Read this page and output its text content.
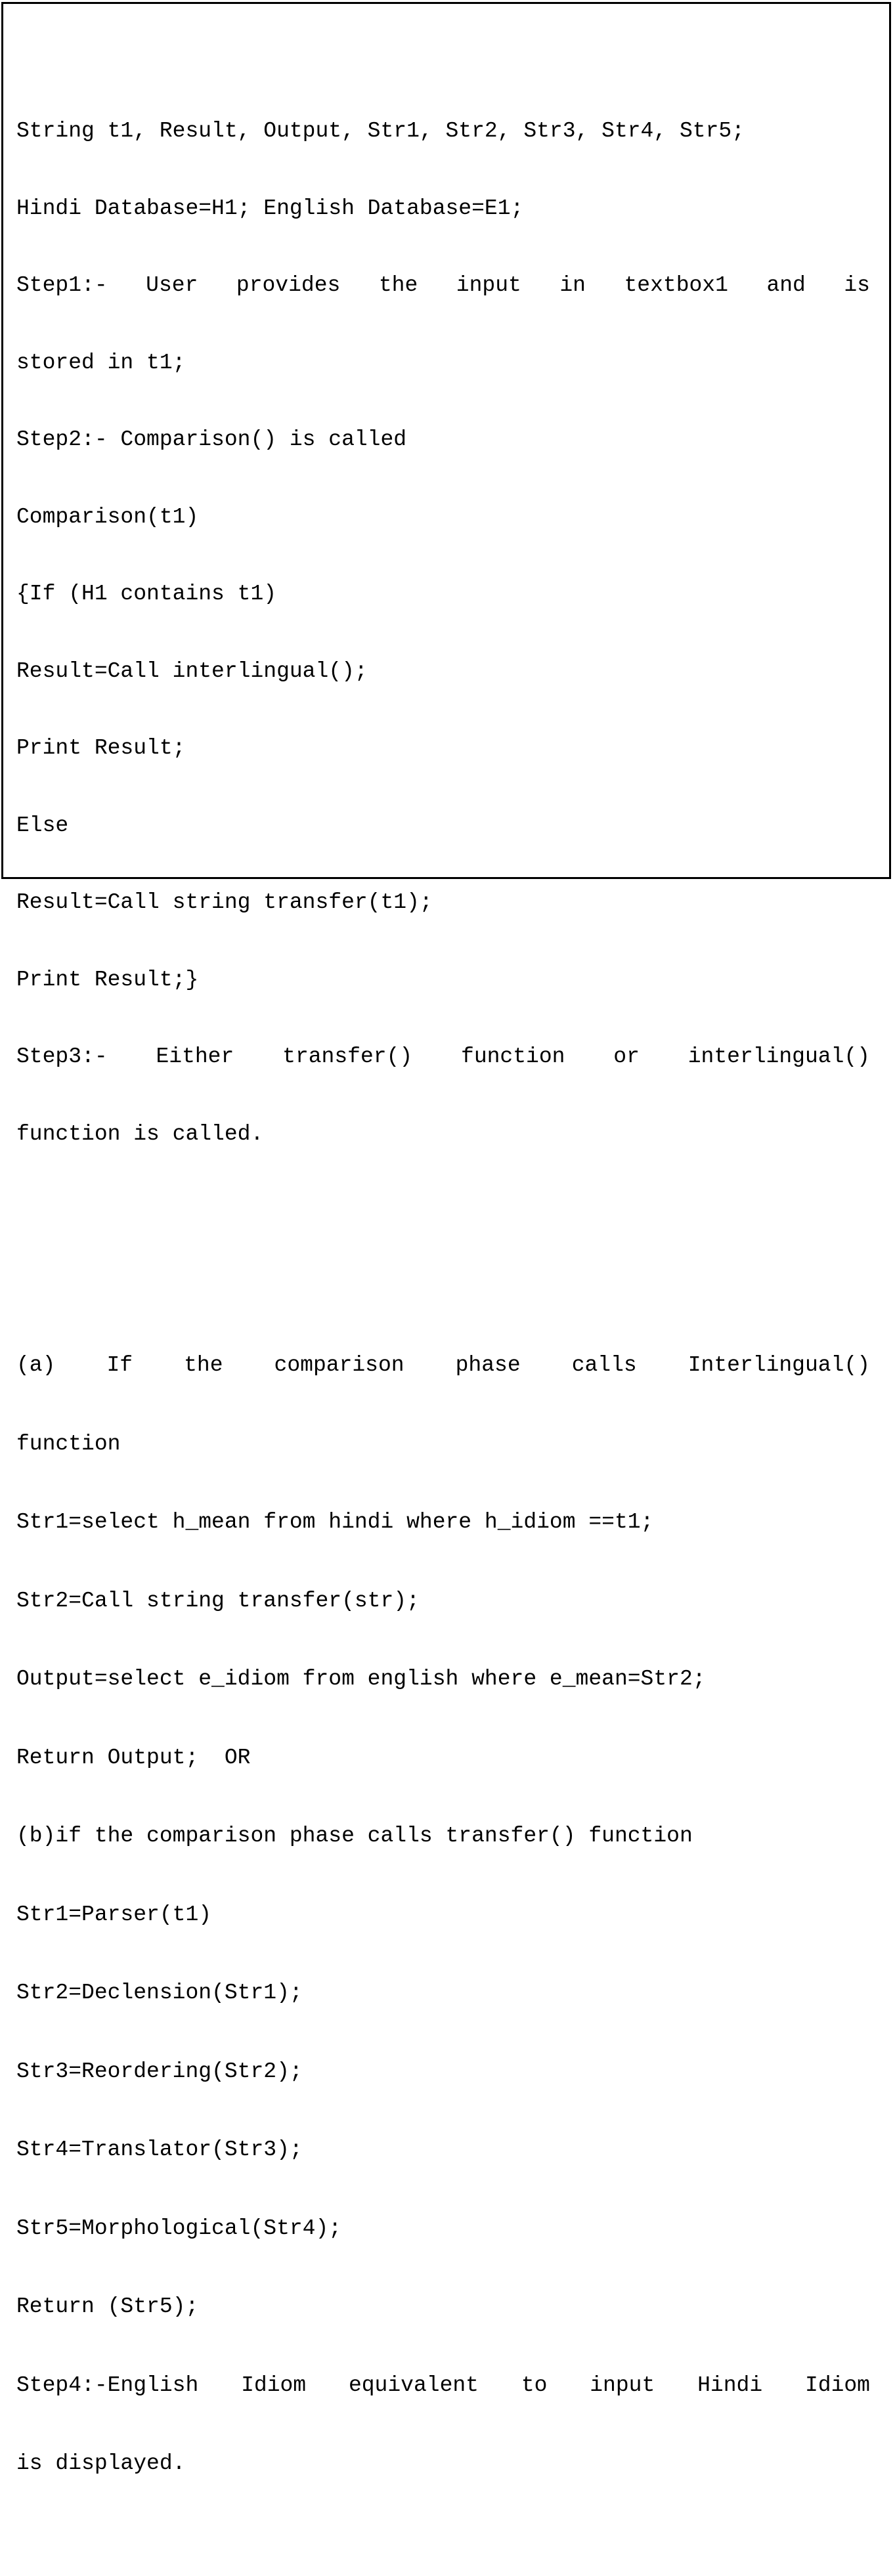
String t1, Result, Output, Str1, Str2, Str3, Str4, Str5;

Hindi Database=H1; English Database=E1;

Step1:- User provides the input in textbox1 and is

stored in t1;

Step2:- Comparison() is called

Comparison(t1)

{If (H1 contains t1)

Result=Call interlingual();

Print Result;

Else

Result=Call string transfer(t1);

Print Result;}

Step3:- Either transfer() function or interlingual()

function is called.

(a) If the comparison phase calls Interlingual()

function

Str1=select h_mean from hindi where h_idiom ==t1;

Str2=Call string transfer(str);

Output=select e_idiom from english where e_mean=Str2;

Return Output;  OR

(b)if the comparison phase calls transfer() function

Str1=Parser(t1)

Str2=Declension(Str1);

Str3=Reordering(Str2);

Str4=Translator(Str3);

Str5=Morphological(Str4);

Return (Str5);

Step4:-English Idiom equivalent to input Hindi Idiom

is displayed.
